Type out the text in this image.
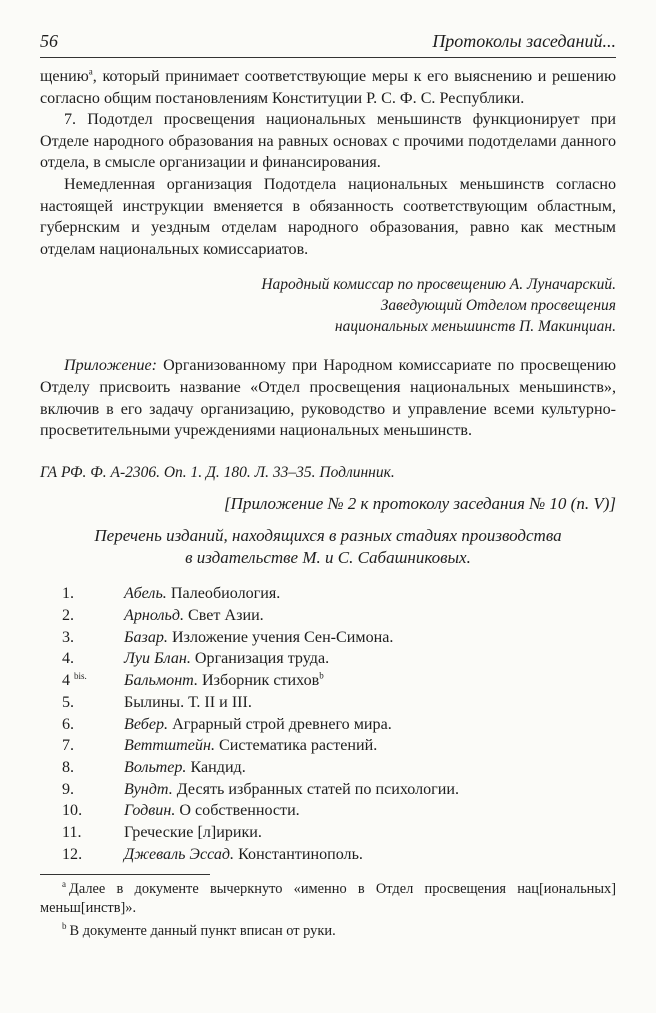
56	Протоколы заседаний...

щению$^a$, который принимает соответствующие меры к его выяснению и решению согласно общим постановлениям Конституции Р. С. Ф. С. Республики.

7. Подотдел просвещения национальных меньшинств функционирует при Отделе народного образования на равных основах с прочими подотделами данного отдела, в смысле организации и финансирования.

Немедленная организация Подотдела национальных меньшинств согласно настоящей инструкции вменяется в обязанность соответствующим областным, губернским и уездным отделам народного образования, равно как местным отделам национальных комиссариатов.

Народный комиссар по просвещению А. Луначарский.
Заведующий Отделом просвещения
национальных меньшинств П. Макинциан.

Приложение: Организованному при Народном комиссариате по просвещению Отделу присвоить название «Отдел просвещения национальных меньшинств», включив в его задачу организацию, руководство и управление всеми культурно-просветительными учреждениями национальных меньшинств.

ГА РФ. Ф. А-2306. Оп. 1. Д. 180. Л. 33–35. Подлинник.
[Приложение № 2 к протоколу заседания № 10 (п. V)]
Перечень изданий, находящихся в разных стадиях производства
в издательстве М. и С. Сабашниковых.
1.	Абель. Палеобиология.
2.	Арнольд. Свет Азии.
3.	Базар. Изложение учения Сен-Симона.
4.	Луи Блан. Организация труда.
4 $^{bis.}$	Бальмонт. Изборник стихов$^b$
5.	Былины. Т. II и III.
6.	Вебер. Аграрный строй древнего мира.
7.	Веттштейн. Систематика растений.
8.	Вольтер. Кандид.
9.	Вундт. Десять избранных статей по психологии.
10.	Годвин. О собственности.
11.	Греческие [л]ирики.
12.	Джеваль Эссад. Константинополь.

$^a$ Далее в документе вычеркнуто «именно в Отдел просвещения нац[иональных] меньш[инств]».

$^b$ В документе данный пункт вписан от руки.
